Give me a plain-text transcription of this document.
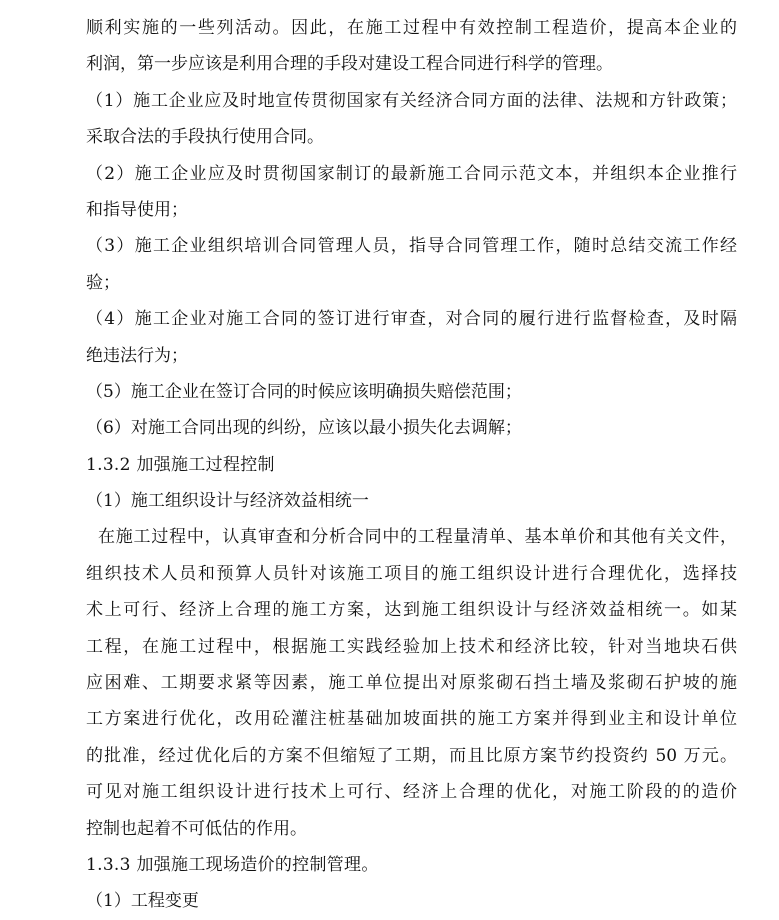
顺利实施的一些列活动。因此，在施工过程中有效控制工程造价，提高本企业的
利润，第一步应该是利用合理的手段对建设工程合同进行科学的管理。
（1）施工企业应及时地宣传贯彻国家有关经济合同方面的法律、法规和方针政策；
采取合法的手段执行使用合同。
（2）施工企业应及时贯彻国家制订的最新施工合同示范文本，并组织本企业推行
和指导使用；
（3）施工企业组织培训合同管理人员，指导合同管理工作，随时总结交流工作经
验；
（4）施工企业对施工合同的签订进行审查，对合同的履行进行监督检查，及时隔
绝违法行为；
（5）施工企业在签订合同的时候应该明确损失赔偿范围；
（6）对施工合同出现的纠纷，应该以最小损失化去调解；
1.3.2 加强施工过程控制
（1）施工组织设计与经济效益相统一
在施工过程中，认真审查和分析合同中的工程量清单、基本单价和其他有关文件，
组织技术人员和预算人员针对该施工项目的施工组织设计进行合理优化，选择技
术上可行、经济上合理的施工方案，达到施工组织设计与经济效益相统一。如某
工程，在施工过程中，根据施工实践经验加上技术和经济比较，针对当地块石供
应困难、工期要求紧等因素，施工单位提出对原浆砌石挡土墙及浆砌石护坡的施
工方案进行优化，改用砼灌注桩基础加坡面拱的施工方案并得到业主和设计单位
的批准，经过优化后的方案不但缩短了工期，而且比原方案节约投资约 50 万元。
可见对施工组织设计进行技术上可行、经济上合理的优化，对施工阶段的的造价
控制也起着不可低估的作用。
1.3.3 加强施工现场造价的控制管理。
（1）工程变更
